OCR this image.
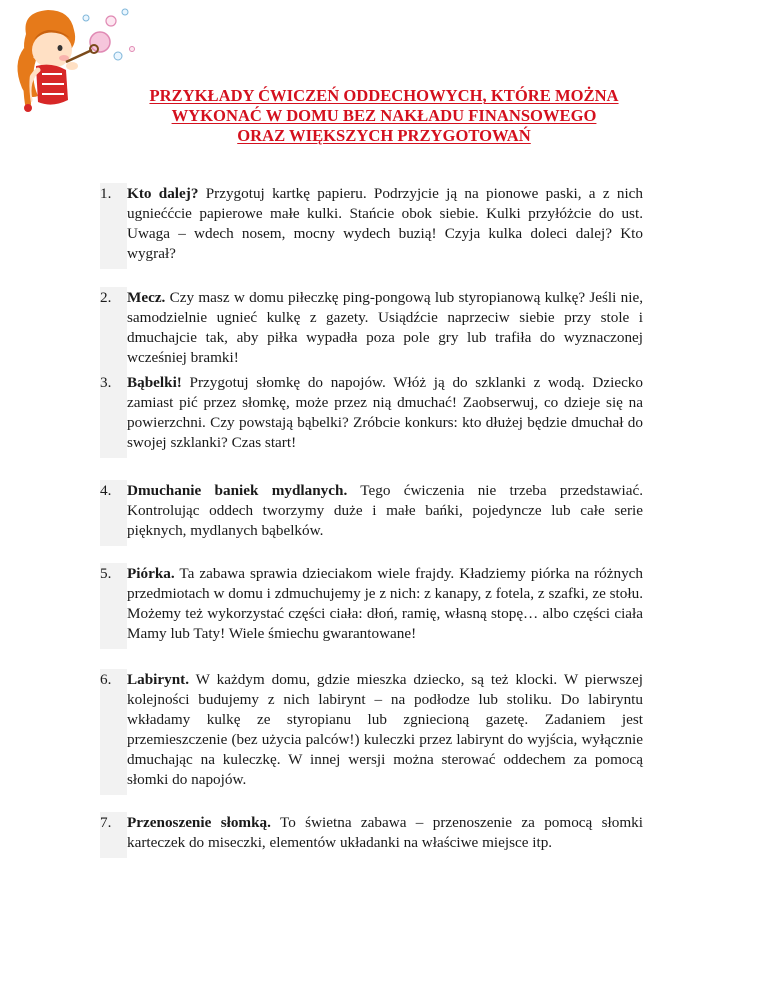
PRZYKŁADY ĆWICZEŃ ODDECHOWYCH, KTÓRE MOŻNA
WYKONAĆ W DOMU BEZ NAKŁADU FINANSOWEGO
ORAZ WIĘKSZYCH PRZYGOTOWAŃ
1.	Kto dalej? Przygotuj kartkę papieru. Podrzyjcie ją na pionowe paski, a z nich ugnieććcie papierowe małe kulki. Stańcie obok siebie. Kulki przyłóżcie do ust. Uwaga – wdech nosem, mocny wydech buzią! Czyja kulka doleci dalej? Kto wygrał?
2.	Mecz. Czy masz w domu piłeczkę ping-pongową lub styropianową kulkę? Jeśli nie, samodzielnie ugnieć kulkę z gazety. Usiądźcie naprzeciw siebie przy stole i dmuchajcie tak, aby piłka wypadła poza pole gry lub trafiła do wyznaczonej wcześniej bramki!
3.	Bąbelki! Przygotuj słomkę do napojów. Włóż ją do szklanki z wodą. Dziecko zamiast pić przez słomkę, może przez nią dmuchać! Zaobserwuj, co dzieje się na powierzchni. Czy powstają bąbelki? Zróbcie konkurs: kto dłużej będzie dmuchał do swojej szklanki? Czas start!
4.	Dmuchanie baniek mydlanych. Tego ćwiczenia nie trzeba przedstawiać. Kontrolując oddech tworzymy duże i małe bańki, pojedyncze lub całe serie pięknych, mydlanych bąbelków.
5.	Piórka. Ta zabawa sprawia dzieciakom wiele frajdy. Kładziemy piórka na różnych przedmiotach w domu i zdmuchujemy je z nich: z kanapy, z fotela, z szafki, ze stołu. Możemy też wykorzystać części ciała: dłoń, ramię, własną stopę… albo części ciała Mamy lub Taty! Wiele śmiechu gwarantowane!
6.	Labirynt. W każdym domu, gdzie mieszka dziecko, są też klocki. W pierwszej kolejności budujemy z nich labirynt – na podłodze lub stoliku. Do labiryntu wkładamy kulkę ze styropianu lub zgniecioną gazetę. Zadaniem jest przemieszczenie (bez użycia palców!) kuleczki przez labirynt do wyjścia, wyłącznie dmuchając na kuleczkę. W innej wersji można sterować oddechem za pomocą słomki do napojów.
7.	Przenoszenie słomką. To świetna zabawa – przenoszenie za pomocą słomki karteczek do miseczki, elementów układanki na właściwe miejsce itp.
